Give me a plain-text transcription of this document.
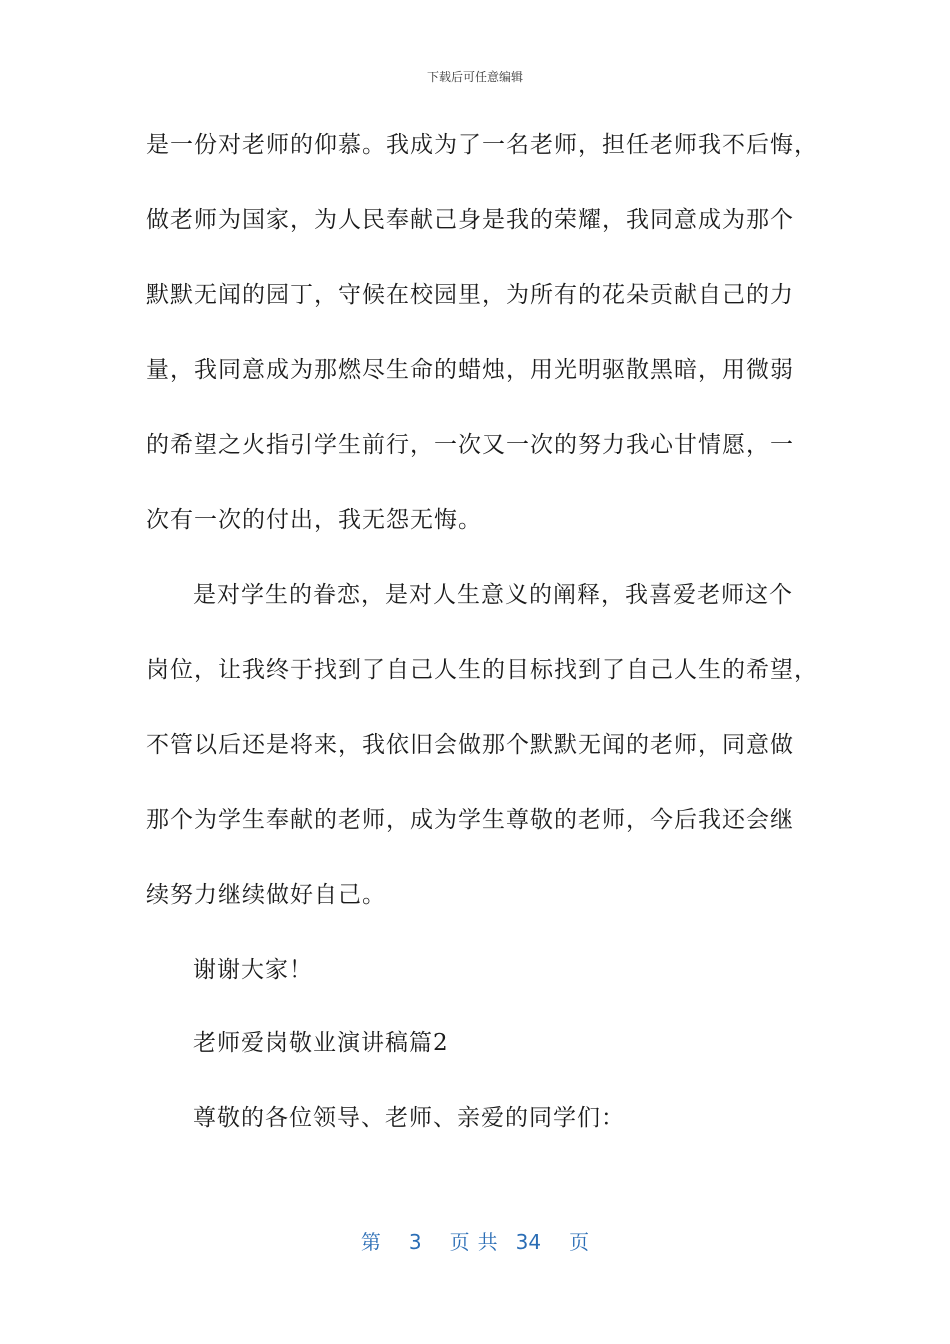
下载后可任意编辑
是一份对老师的仰慕。我成为了一名老师，担任老师我不后悔，
做老师为国家，为人民奉献己身是我的荣耀，我同意成为那个
默默无闻的园丁，守候在校园里，为所有的花朵贡献自己的力
量，我同意成为那燃尽生命的蜡烛，用光明驱散黑暗，用微弱
的希望之火指引学生前行，一次又一次的努力我心甘情愿，一
次有一次的付出，我无怨无悔。
是对学生的眷恋，是对人生意义的阐释，我喜爱老师这个
岗位，让我终于找到了自己人生的目标找到了自己人生的希望，
不管以后还是将来，我依旧会做那个默默无闻的老师，同意做
那个为学生奉献的老师，成为学生尊敬的老师，今后我还会继
续努力继续做好自己。
谢谢大家！
老师爱岗敬业演讲稿篇2
尊敬的各位领导、老师、亲爱的同学们：
第 3 页 共 34 页
